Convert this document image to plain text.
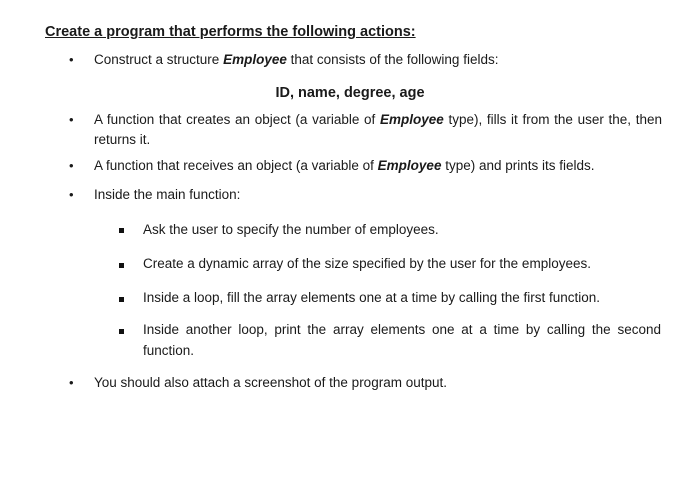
Create a program that performs the following actions:
• Construct a structure Employee that consists of the following fields:
ID, name, degree, age
• A function that creates an object (a variable of Employee type), fills it from the user the, then returns it.
• A function that receives an object (a variable of Employee type) and prints its fields.
• Inside the main function:
Ask the user to specify the number of employees.
Create a dynamic array of the size specified by the user for the employees.
Inside a loop, fill the array elements one at a time by calling the first function.
Inside another loop, print the array elements one at a time by calling the second function.
• You should also attach a screenshot of the program output.
